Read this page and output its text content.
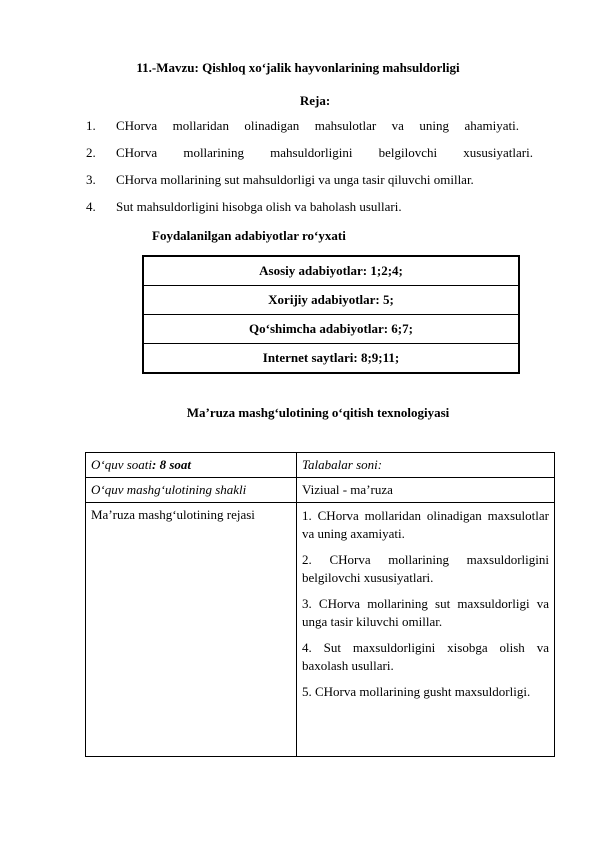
11.-Mavzu: Qishloq xo‘jalik hayvonlarining mahsuldorligi
Reja:
1. CHorva mollaridan olinadigan mahsulotlar va uning ahamiyati.
2. CHorva mollarining mahsuldorligini belgilovchi xususiyatlari.
3. CHorva mollarining sut mahsuldorligi va unga tasir qiluvchi omillar.
4. Sut mahsuldorligini hisobga olish va baholash usullari.
Foydalanilgan adabiyotlar ro‘yxati
Asosiy adabiyotlar: 1;2;4;
Xorijiy adabiyotlar: 5;
Qo‘shimcha adabiyotlar: 6;7;
Internet saytlari: 8;9;11;
Ma’ruza mashg‘ulotining o‘qitish texnologiyasi
O‘quv soati: 8 soat	Talabalar soni:
O‘quv mashg‘ulotining shakli	Viziual - ma’ruza
Ma’ruza mashg‘ulotining rejasi	1. CHorva mollaridan olinadigan maxsulotlar va uning axamiyati.

2. CHorva mollarining maxsuldorligini belgilovchi xususiyatlari.

3. CHorva mollarining sut maxsuldorligi va unga tasir kiluvchi omillar.

4. Sut maxsuldorligini xisobga olish va baxolash usullari.

5. CHorva mollarining gusht maxsuldorligi.
